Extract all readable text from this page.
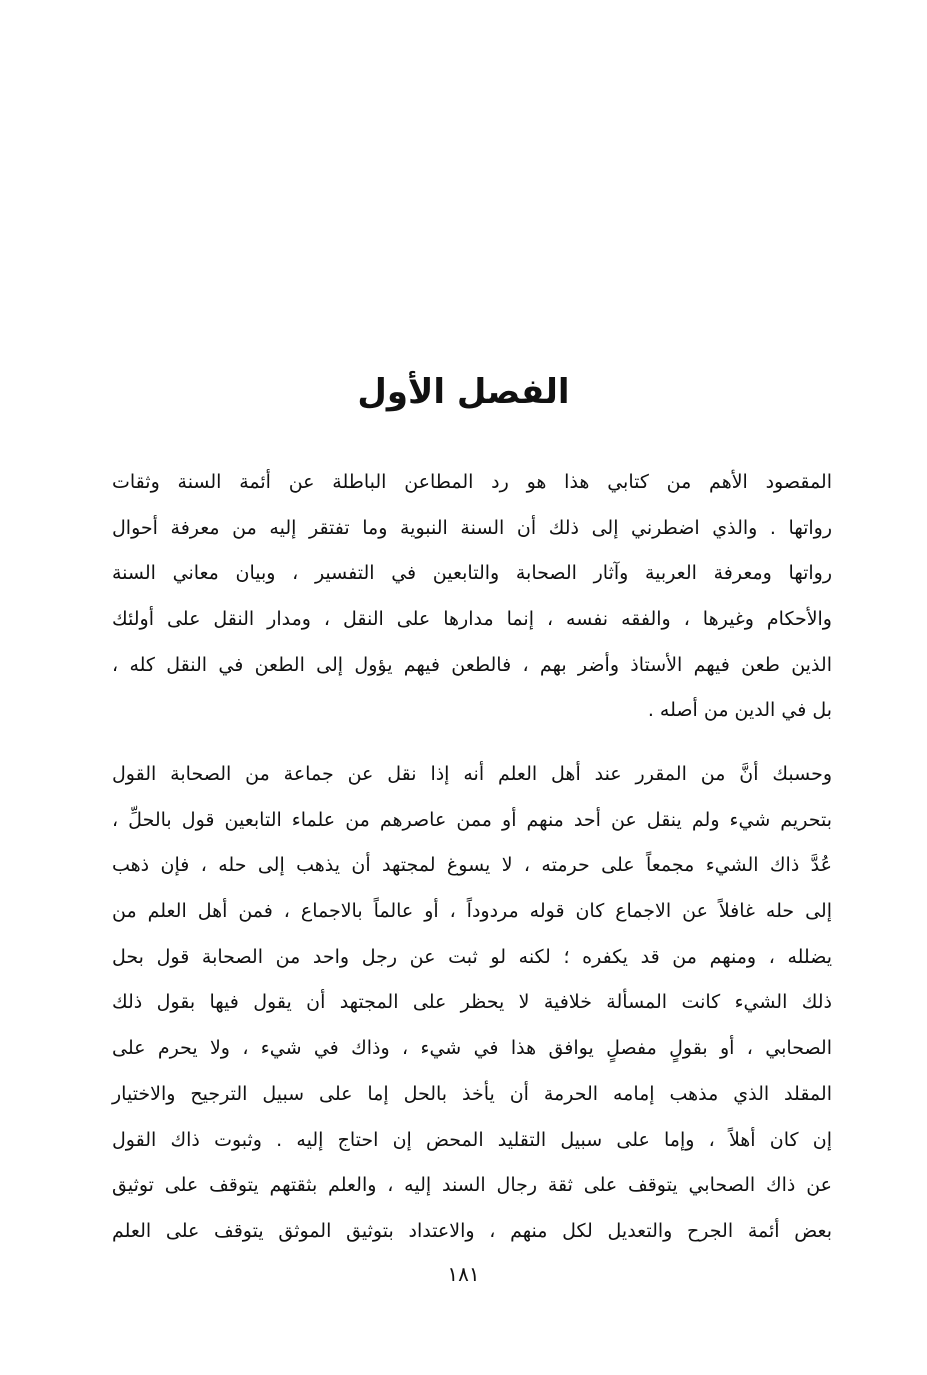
الفصل الأول
المقصود الأهم من كتابي هذا هو رد المطاعن الباطلة عن أئمة السنة وثقات
رواتها . والذي اضطرني إلى ذلك أن السنة النبوية وما تفتقر إليه من معرفة أحوال
رواتها ومعرفة العربية وآثار الصحابة والتابعين في التفسير ، وبيان معاني السنة
والأحكام وغيرها ، والفقه نفسه ، إنما مدارها على النقل ، ومدار النقل على أولئك
الذين طعن فيهم الأستاذ وأضر بهم ، فالطعن فيهم يؤول إلى الطعن في النقل كله ،
بل في الدين من أصله .
وحسبك أنَّ من المقرر عند أهل العلم أنه إذا نقل عن جماعة من الصحابة القول
بتحريم شيء ولم ينقل عن أحد منهم أو ممن عاصرهم من علماء التابعين قول بالحلِّ ،
عُدَّ ذاك الشيء مجمعاً على حرمته ، لا يسوغ لمجتهد أن يذهب إلى حله ، فإن ذهب
إلى حله غافلاً عن الاجماع كان قوله مردوداً ، أو عالماً بالاجماع ، فمن أهل العلم من
يضلله ، ومنهم من قد يكفره ؛ لكنه لو ثبت عن رجل واحد من الصحابة قول بحل
ذلك الشيء كانت المسألة خلافية لا يحظر على المجتهد أن يقول فيها بقول ذلك
الصحابي ، أو بقولٍ مفصلٍ يوافق هذا في شيء ، وذاك في شيء ، ولا يحرم على
المقلد الذي مذهب إمامه الحرمة أن يأخذ بالحل إما على سبيل الترجيح والاختيار
إن كان أهلاً ، وإما على سبيل التقليد المحض إن احتاج إليه . وثبوت ذاك القول
عن ذاك الصحابي يتوقف على ثقة رجال السند إليه ، والعلم بثقتهم يتوقف على توثيق
بعض أئمة الجرح والتعديل لكل منهم ، والاعتداد بتوثيق الموثق يتوقف على العلم
١٨١
